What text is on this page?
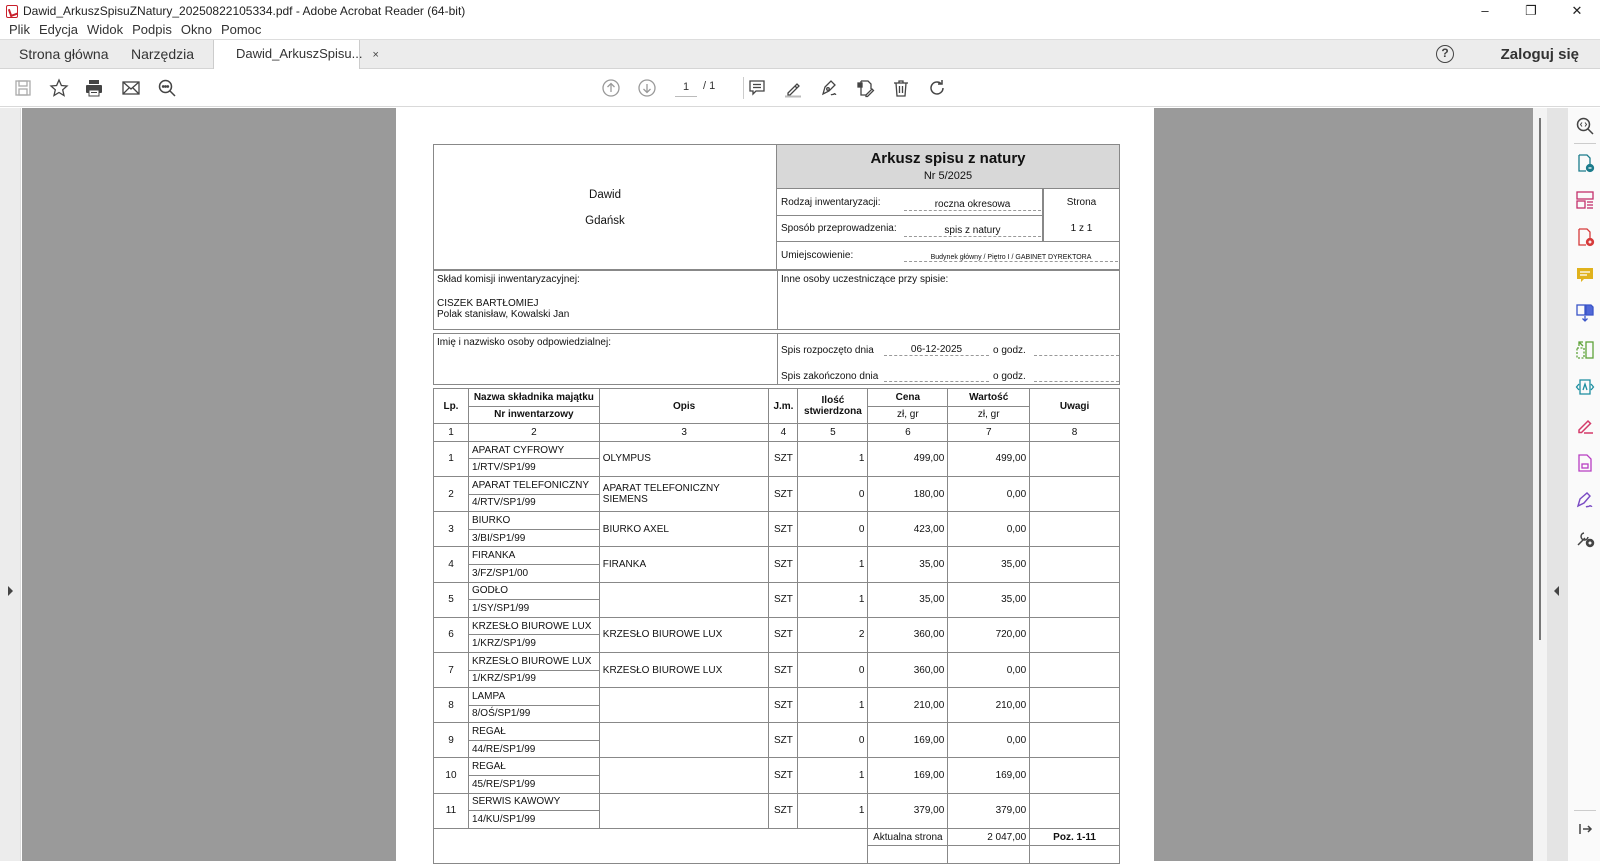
Dawid_ArkuszSpisuZNatury_20250822105334.pdf - Adobe Acrobat Reader (64-bit)	–	❐	✕
Plik Edycja Widok Podpis Okno Pomoc
Strona główna Narzędzia	Dawid_ArkuszSpisu... ×	?	Zaloguj się
1	/ 1
Dawid
Gdańsk
Arkusz spisu z natury
Nr 5/2025
Rodzaj inwentaryzacji:	roczna okresowa
Sposób przeprowadzenia:	spis z natury
Strona
1 z 1
Umiejscowienie:	Budynek główny / Piętro I / GABINET DYREKTORA
Skład komisji inwentaryzacyjnej:
CISZEK BARTŁOMIEJ
Polak stanisław, Kowalski Jan
Inne osoby uczestniczące przy spisie:
Imię i nazwisko osoby odpowiedzialnej:
Spis rozpoczęto dnia	06-12-2025	o godz.
Spis zakończono dnia	o godz.
Lp.	Nazwa składnika majątku	Opis	J.m.	Ilość stwierdzona	Cena	Wartość	Uwagi
	Nr inwentarzowy				zł, gr	zł, gr	
1	2	3	4	5	6	7	8
1	APARAT CYFROWY	OLYMPUS	SZT	1	499,00	499,00	
	1/RTV/SP1/99						
2	APARAT TELEFONICZNY	APARAT TELEFONICZNY SIEMENS	SZT	0	180,00	0,00	
	4/RTV/SP1/99						
3	BIURKO	BIURKO AXEL	SZT	0	423,00	0,00	
	3/BI/SP1/99						
4	FIRANKA	FIRANKA	SZT	1	35,00	35,00	
	3/FZ/SP1/00						
5	GODŁO		SZT	1	35,00	35,00	
	1/SY/SP1/99						
6	KRZESŁO BIUROWE LUX	KRZESŁO BIUROWE LUX	SZT	2	360,00	720,00	
	1/KRZ/SP1/99						
7	KRZESŁO BIUROWE LUX	KRZESŁO BIUROWE LUX	SZT	0	360,00	0,00	
	1/KRZ/SP1/99						
8	LAMPA		SZT	1	210,00	210,00	
	8/OŚ/SP1/99						
9	REGAŁ		SZT	0	169,00	0,00	
	44/RE/SP1/99						
10	REGAŁ		SZT	1	169,00	169,00	
	45/RE/SP1/99						
11	SERWIS KAWOWY		SZT	1	379,00	379,00	
	14/KU/SP1/99						
					Aktualna strona	2 047,00	Poz. 1-11
